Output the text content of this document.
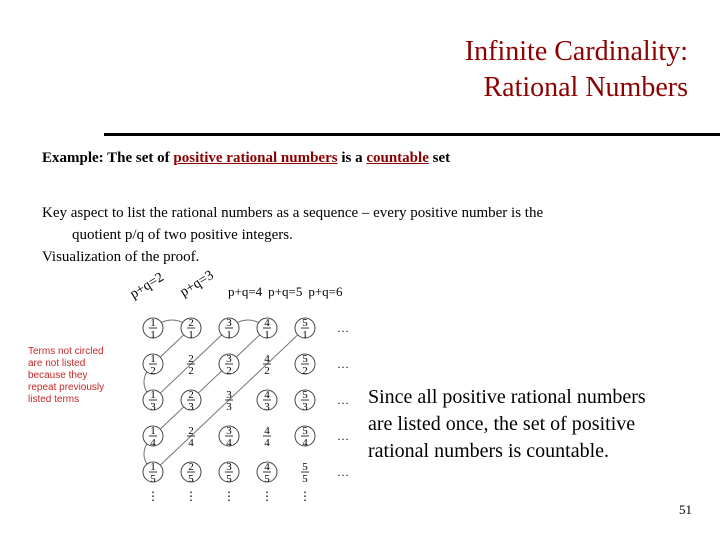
Infinite Cardinality:
Rational Numbers
Example: The set of positive rational numbers is a countable set

Key aspect to list the rational numbers as a sequence – every positive number is the

quotient p/q of two positive integers.

Visualization of the proof.

p+q=2 p+q=3 p+q=4 p+q=5 p+q=6
Terms not circled
are not listed
because they
repeat previously
listed terms
1
1
1
2
1
3
1
4
1
5
⋮
2
1
2
2
2
3
2
4
2
5
⋮
3
1
3
2
3
3
3
4
3
5
⋮
4
1
4
2
4
3
4
4
4
5
⋮
5
1
5
2
5
3
5
4
5
5
⋮
…
…
…
…
…
Since all positive rational numbers
are listed once, the set of positive
rational numbers is countable.
51
